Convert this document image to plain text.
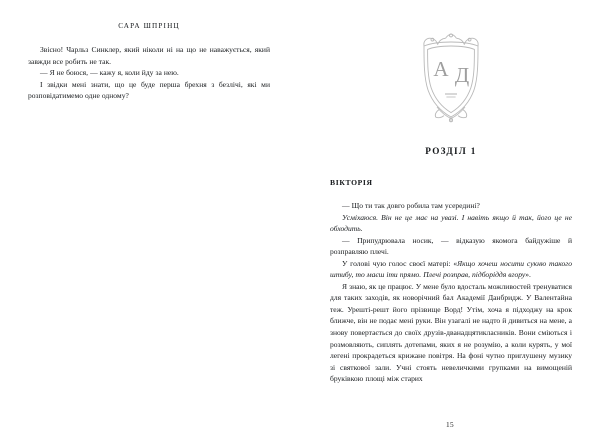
САРА ШПРІНЦ

Звісно! Чарльз Синклер, який ніколи ні на що не наважується, який завжди все робить не так.

— Я не боюся, — кажу я, коли йду за нею.

І звідки мені знати, що це буде перша брехня з безлічі, які ми розповідатимемо одне одному?

А Д
РОЗДІЛ 1
ВІКТОРІЯ

— Що ти так довго робила там усередині?

Усміхаюся. Він не це має на увазі. І навіть якщо й так, його це не обходить.

— Припудрювала носик, — відказую якомога байдужіше й розправляю плечі.

У голові чую голос своєї матері: «Якщо хочеш носити сукню такого штибу, то маєш іти прямо. Плечі розправ, підборіддя вгору».

Я знаю, як це працює. У мене було вдосталь можливостей тренуватися для таких заходів, як новорічний бал Академії Данбридж. У Валентайна теж. Урешті-решт його прізвище Ворд! Утім, хоча я підходжу на крок ближче, він не подає мені руки. Він узагалі не надто й дивиться на мене, а знову повертається до своїх друзів-дванадцятикласників. Вони сміються і розмовляють, сиплять дотепами, яких я не розумію, а коли курять, у мої легені прокрадеться крижане повітря. На фоні чутно приглушену музику зі святкової зали. Учні стоять невеличкими групками на вимощеній бруківкою площі між старих

15
